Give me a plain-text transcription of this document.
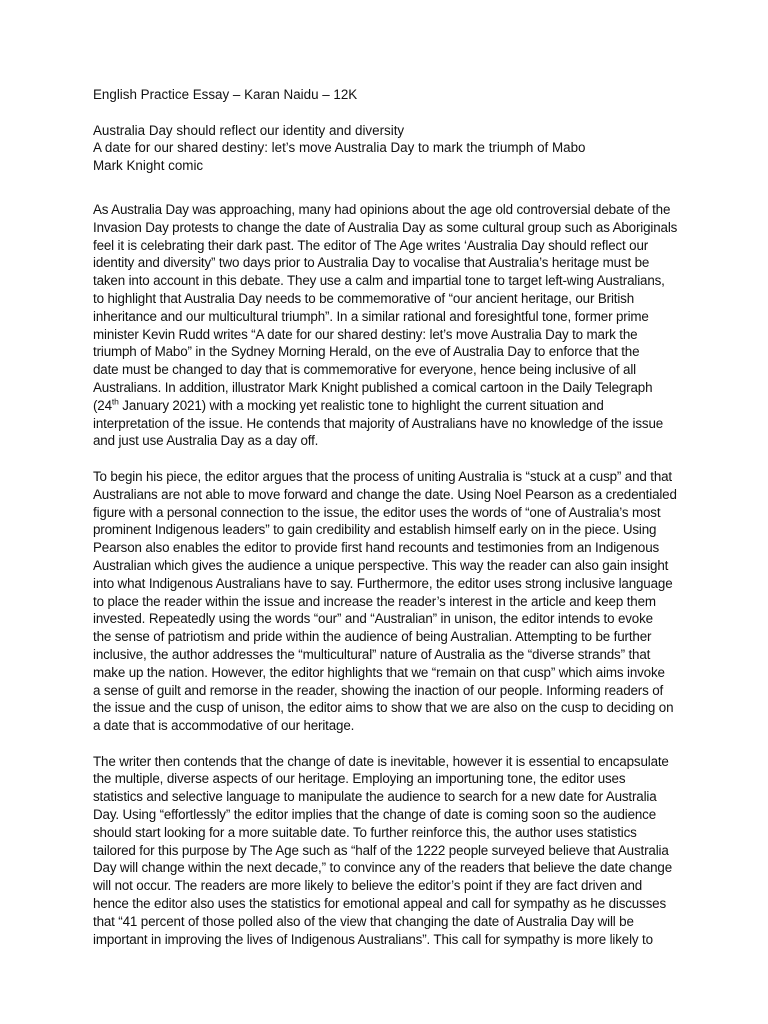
English Practice Essay – Karan Naidu – 12K

Australia Day should reflect our identity and diversity

A date for our shared destiny: let’s move Australia Day to mark the triumph of Mabo

Mark Knight comic

As Australia Day was approaching, many had opinions about the age old controversial debate of the

Invasion Day protests to change the date of Australia Day as some cultural group such as Aboriginals

feel it is celebrating their dark past. The editor of The Age writes ‘Australia Day should reflect our

identity and diversity” two days prior to Australia Day to vocalise that Australia’s heritage must be

taken into account in this debate. They use a calm and impartial tone to target left-wing Australians,

to highlight that Australia Day needs to be commemorative of “our ancient heritage, our British

inheritance and our multicultural triumph”. In a similar rational and foresightful tone, former prime

minister Kevin Rudd writes “A date for our shared destiny: let’s move Australia Day to mark the

triumph of Mabo” in the Sydney Morning Herald, on the eve of Australia Day to enforce that the

date must be changed to day that is commemorative for everyone, hence being inclusive of all

Australians. In addition, illustrator Mark Knight published a comical cartoon in the Daily Telegraph

(24th January 2021) with a mocking yet realistic tone to highlight the current situation and

interpretation of the issue. He contends that majority of Australians have no knowledge of the issue

and just use Australia Day as a day off.

To begin his piece, the editor argues that the process of uniting Australia is “stuck at a cusp” and that

Australians are not able to move forward and change the date. Using Noel Pearson as a credentialed

figure with a personal connection to the issue, the editor uses the words of “one of Australia’s most

prominent Indigenous leaders” to gain credibility and establish himself early on in the piece. Using

Pearson also enables the editor to provide first hand recounts and testimonies from an Indigenous

Australian which gives the audience a unique perspective. This way the reader can also gain insight

into what Indigenous Australians have to say. Furthermore, the editor uses strong inclusive language

to place the reader within the issue and increase the reader’s interest in the article and keep them

invested. Repeatedly using the words “our” and “Australian” in unison, the editor intends to evoke

the sense of patriotism and pride within the audience of being Australian. Attempting to be further

inclusive, the author addresses the “multicultural” nature of Australia as the “diverse strands” that

make up the nation. However, the editor highlights that we “remain on that cusp” which aims invoke

a sense of guilt and remorse in the reader, showing the inaction of our people. Informing readers of

the issue and the cusp of unison, the editor aims to show that we are also on the cusp to deciding on

a date that is accommodative of our heritage.

The writer then contends that the change of date is inevitable, however it is essential to encapsulate

the multiple, diverse aspects of our heritage. Employing an importuning tone, the editor uses

statistics and selective language to manipulate the audience to search for a new date for Australia

Day. Using “effortlessly” the editor implies that the change of date is coming soon so the audience

should start looking for a more suitable date. To further reinforce this, the author uses statistics

tailored for this purpose by The Age such as “half of the 1222 people surveyed believe that Australia

Day will change within the next decade,” to convince any of the readers that believe the date change

will not occur. The readers are more likely to believe the editor’s point if they are fact driven and

hence the editor also uses the statistics for emotional appeal and call for sympathy as he discusses

that “41 percent of those polled also of the view that changing the date of Australia Day will be

important in improving the lives of Indigenous Australians”. This call for sympathy is more likely to
